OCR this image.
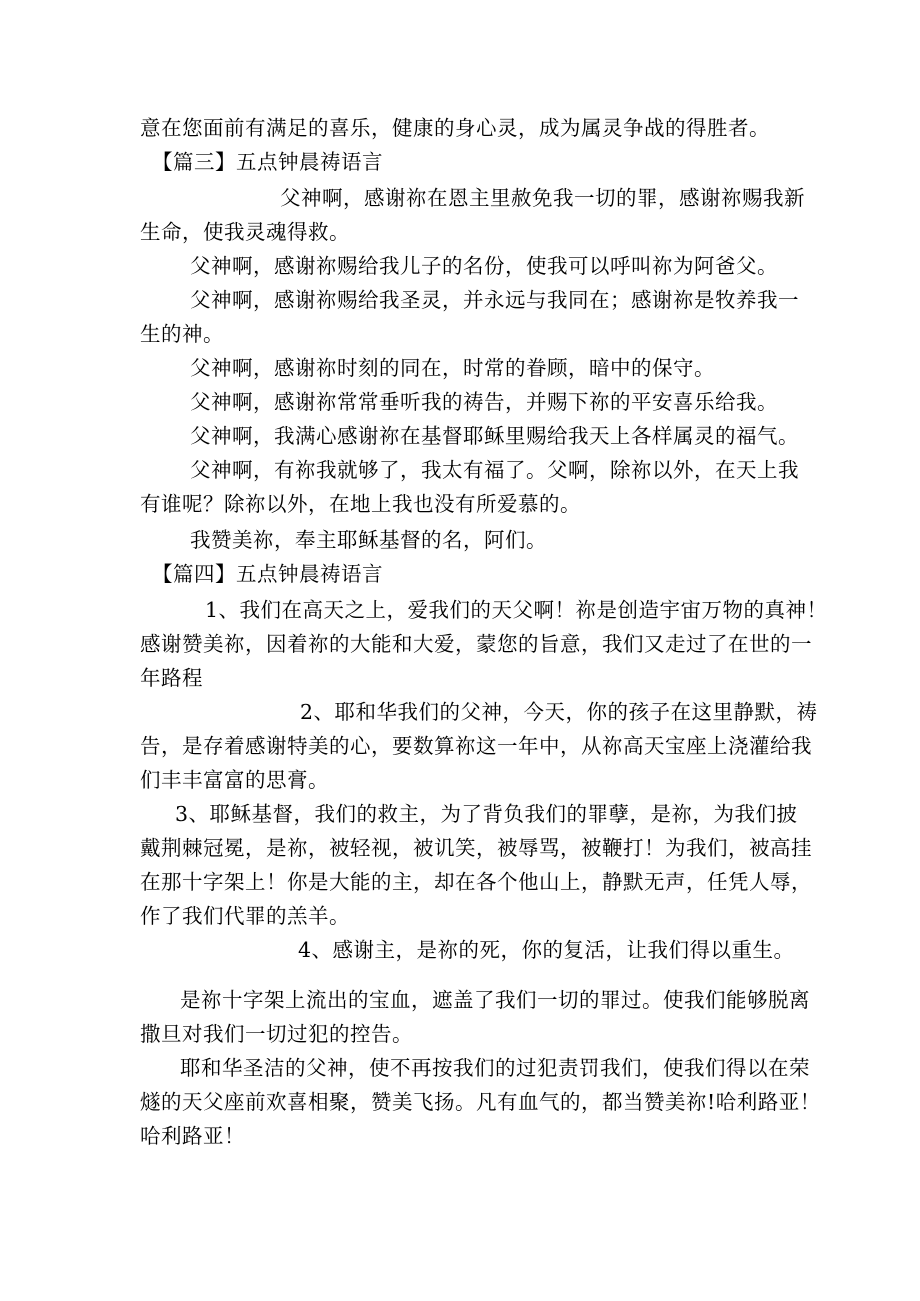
意在您面前有满足的喜乐，健康的身心灵，成为属灵争战的得胜者。
【篇三】五点钟晨祷语言
父神啊，感谢祢在恩主里赦免我一切的罪，感谢祢赐我新
生命，使我灵魂得救。
父神啊，感谢祢赐给我儿子的名份，使我可以呼叫祢为阿爸父。
父神啊，感谢祢赐给我圣灵，并永远与我同在；感谢祢是牧养我一
生的神。
父神啊，感谢祢时刻的同在，时常的眷顾，暗中的保守。
父神啊，感谢祢常常垂听我的祷告，并赐下祢的平安喜乐给我。
父神啊，我满心感谢祢在基督耶稣里赐给我天上各样属灵的福气。
父神啊，有祢我就够了，我太有福了。父啊，除祢以外，在天上我
有谁呢？除祢以外，在地上我也没有所爱慕的。
我赞美祢，奉主耶稣基督的名，阿们。
【篇四】五点钟晨祷语言
1、我们在高天之上，爱我们的天父啊！祢是创造宇宙万物的真神！
感谢赞美祢，因着祢的大能和大爱，蒙您的旨意，我们又走过了在世的一
年路程
2、耶和华我们的父神，今天，你的孩子在这里静默，祷
告，是存着感谢特美的心，要数算祢这一年中，从祢高天宝座上浇灌给我
们丰丰富富的思膏。
3、耶稣基督，我们的救主，为了背负我们的罪孽，是祢，为我们披
戴荆棘冠冕，是祢，被轻视，被讥笑，被辱骂，被鞭打！为我们，被高挂
在那十字架上！你是大能的主，却在各个他山上，静默无声，任凭人辱，
作了我们代罪的羔羊。
4、感谢主，是祢的死，你的复活，让我们得以重生。
是祢十字架上流出的宝血，遮盖了我们一切的罪过。使我们能够脱离
撒旦对我们一切过犯的控告。
耶和华圣洁的父神，使不再按我们的过犯责罚我们，使我们得以在荣
燧的天父座前欢喜相聚，赞美飞扬。凡有血气的，都当赞美祢!哈利路亚！
哈利路亚！
